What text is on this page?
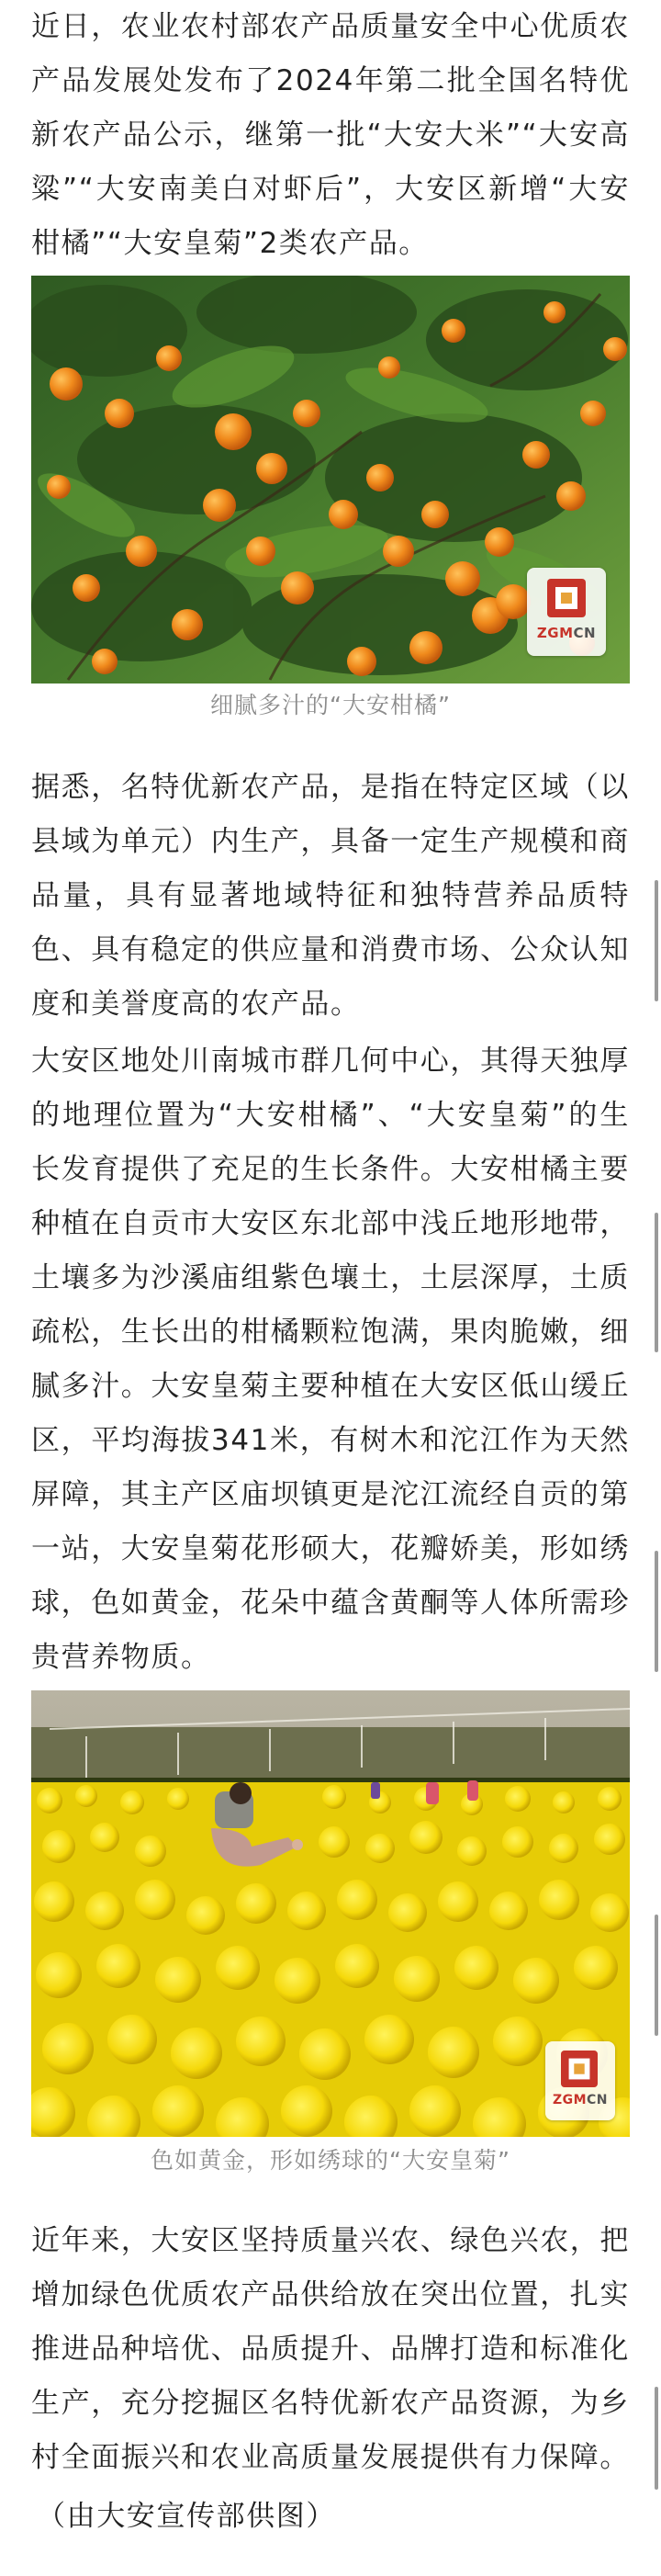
近日，农业农村部农产品质量安全中心优质农产品发展处发布了2024年第二批全国名特优新农产品公示，继第一批“大安大米”“大安高粱”“大安南美白对虾后”，大安区新增“大安柑橘”“大安皇菊”2类农产品。

ZGMCN

细腻多汁的“大安柑橘”

据悉，名特优新农产品，是指在特定区域（以县域为单元）内生产，具备一定生产规模和商品量，具有显著地域特征和独特营养品质特色、具有稳定的供应量和消费市场、公众认知度和美誉度高的农产品。

大安区地处川南城市群几何中心，其得天独厚的地理位置为“大安柑橘”、“大安皇菊”的生长发育提供了充足的生长条件。大安柑橘主要种植在自贡市大安区东北部中浅丘地形地带，土壤多为沙溪庙组紫色壤土，土层深厚，土质疏松，生长出的柑橘颗粒饱满，果肉脆嫩，细腻多汁。大安皇菊主要种植在大安区低山缓丘区，平均海拔341米，有树木和沱江作为天然屏障，其主产区庙坝镇更是沱江流经自贡的第一站，大安皇菊花形硕大，花瓣娇美，形如绣球，色如黄金，花朵中蕴含黄酮等人体所需珍贵营养物质。

ZGMCN

色如黄金，形如绣球的“大安皇菊”

近年来，大安区坚持质量兴农、绿色兴农，把增加绿色优质农产品供给放在突出位置，扎实推进品种培优、品质提升、品牌打造和标准化生产，充分挖掘区名特优新农产品资源，为乡村全面振兴和农业高质量发展提供有力保障。

（由大安宣传部供图）
